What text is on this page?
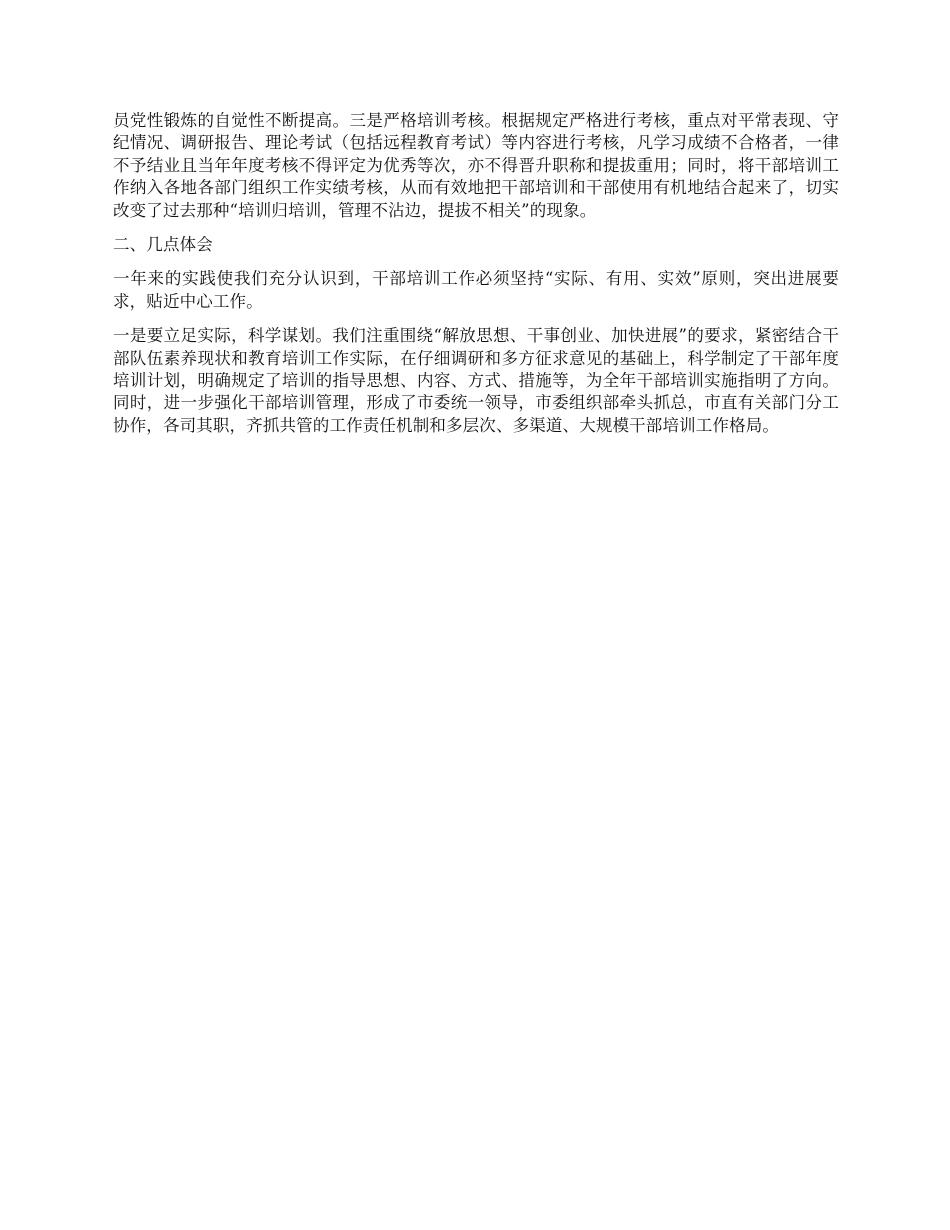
员党性锻炼的自觉性不断提高。三是严格培训考核。根据规定严格进行考核，重点对平常表现、守纪情况、调研报告、理论考试（包括远程教育考试）等内容进行考核，凡学习成绩不合格者，一律不予结业且当年年度考核不得评定为优秀等次，亦不得晋升职称和提拔重用；同时，将干部培训工作纳入各地各部门组织工作实绩考核，从而有效地把干部培训和干部使用有机地结合起来了，切实改变了过去那种“培训归培训，管理不沾边，提拔不相关”的现象。

二、几点体会

一年来的实践使我们充分认识到，干部培训工作必须坚持“实际、有用、实效”原则，突出进展要求，贴近中心工作。

一是要立足实际，科学谋划。我们注重围绕“解放思想、干事创业、加快进展”的要求，紧密结合干部队伍素养现状和教育培训工作实际，在仔细调研和多方征求意见的基础上，科学制定了干部年度培训计划，明确规定了培训的指导思想、内容、方式、措施等，为全年干部培训实施指明了方向。同时，进一步强化干部培训管理，形成了市委统一领导，市委组织部牵头抓总，市直有关部门分工协作，各司其职，齐抓共管的工作责任机制和多层次、多渠道、大规模干部培训工作格局。
